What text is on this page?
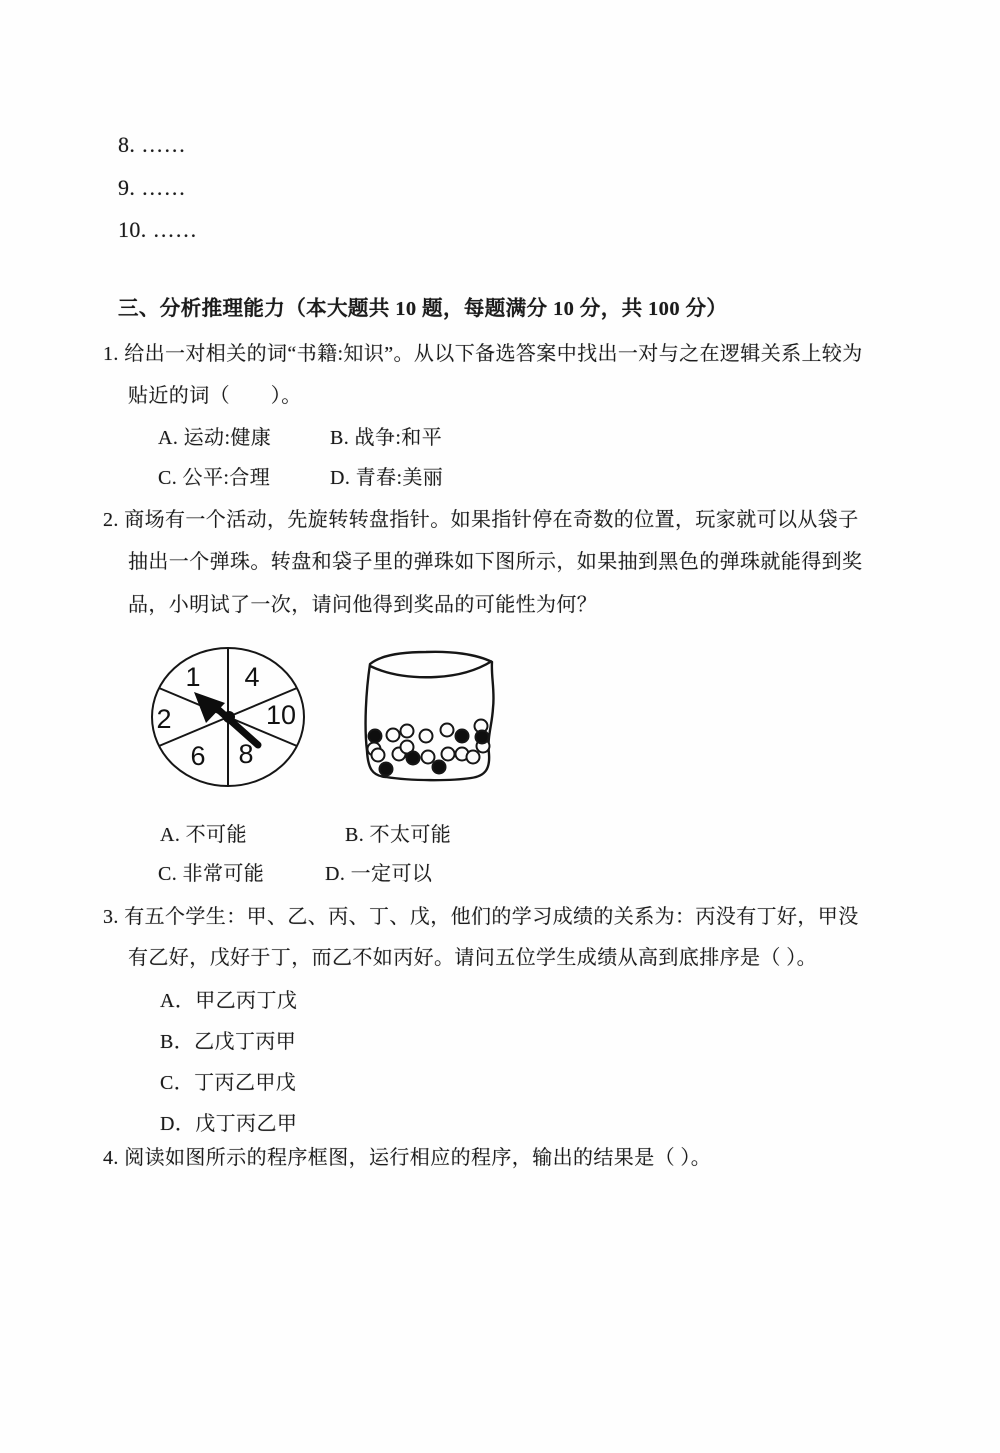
8. ……
9. ……
10. ……
三、分析推理能力（本大题共 10 题，每题满分 10 分，共 100 分）
1. 给出一对相关的词“书籍:知识”。从以下备选答案中找出一对与之在逻辑关系上较为
贴近的词（　　）。
A. 运动:健康	B. 战争:和平
C. 公平:合理	D. 青春:美丽
2. 商场有一个活动，先旋转转盘指针。如果指针停在奇数的位置，玩家就可以从袋子
抽出一个弹珠。转盘和袋子里的弹珠如下图所示，如果抽到黑色的弹珠就能得到奖
品，小明试了一次，请问他得到奖品的可能性为何？
1 4
2	10
6 8
A. 不可能	B. 不太可能
C. 非常可能	D. 一定可以
3. 有五个学生：甲、乙、丙、丁、戊，他们的学习成绩的关系为：丙没有丁好，甲没
有乙好，戊好于丁，而乙不如丙好。请问五位学生成绩从高到底排序是（ ）。
A．甲乙丙丁戊
B．乙戊丁丙甲
C．丁丙乙甲戊
D．戊丁丙乙甲
4. 阅读如图所示的程序框图，运行相应的程序，输出的结果是（ ）。
